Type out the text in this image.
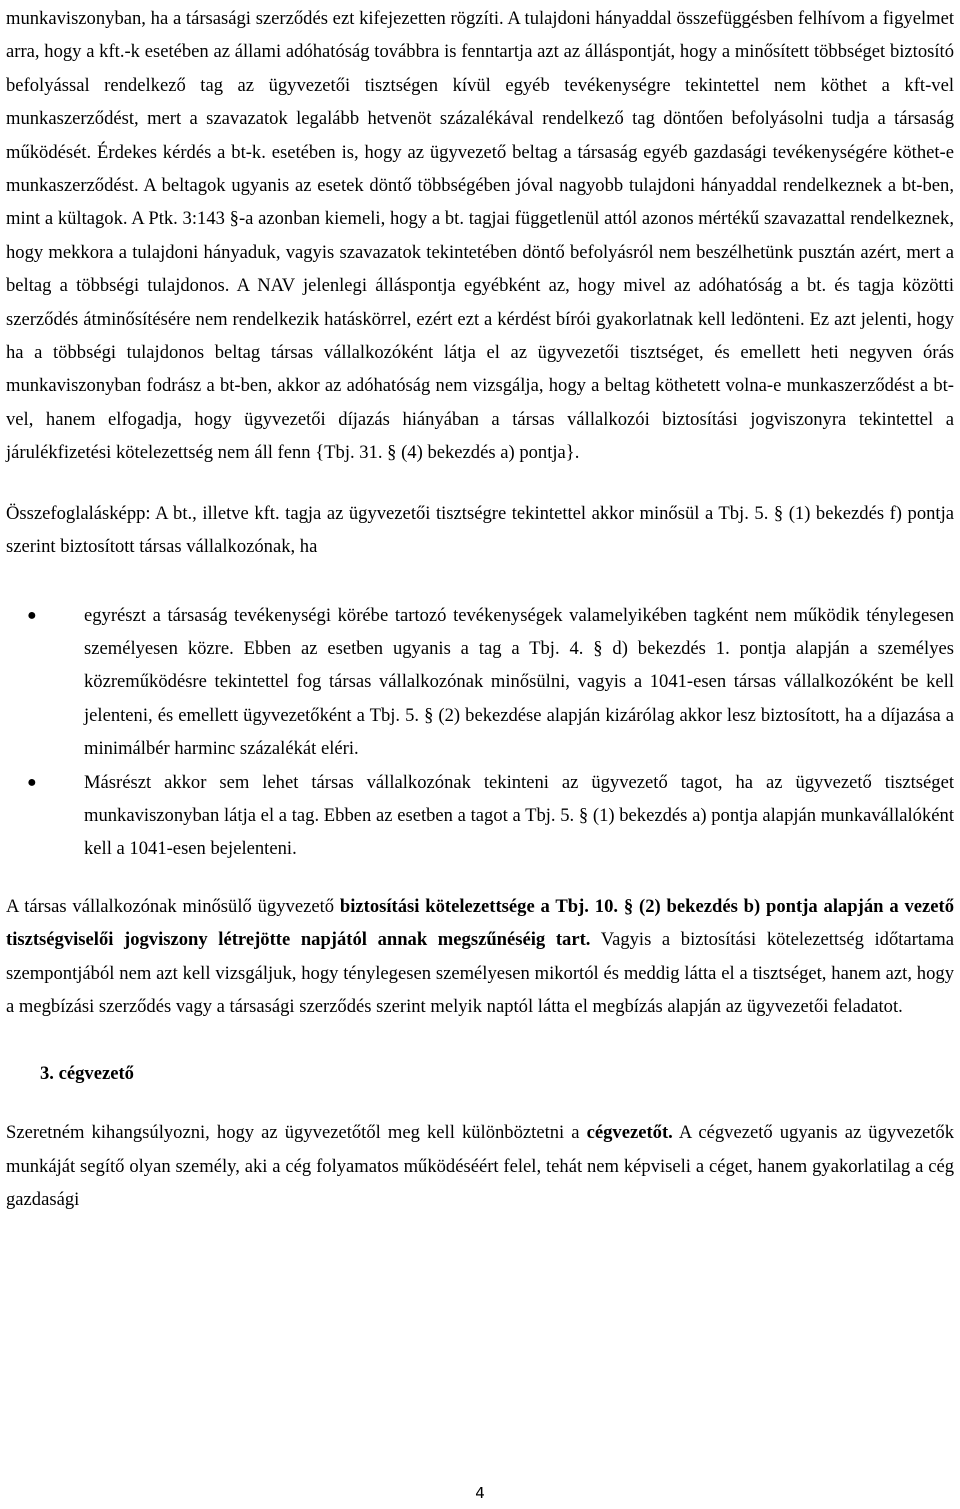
munkaviszonyban, ha a társasági szerződés ezt kifejezetten rögzíti. A tulajdoni hányaddal összefüggésben felhívom a figyelmet arra, hogy a kft.-k esetében az állami adóhatóság továbbra is fenntartja azt az álláspontját, hogy a minősített többséget biztosító befolyással rendelkező tag az ügyvezetői tisztségen kívül egyéb tevékenységre tekintettel nem köthet a kft-vel munkaszerződést, mert a szavazatok legalább hetvenöt százalékával rendelkező tag döntően befolyásolni tudja a társaság működését. Érdekes kérdés a bt-k. esetében is, hogy az ügyvezető beltag a társaság egyéb gazdasági tevékenységére köthet-e munkaszerződést. A beltagok ugyanis az esetek döntő többségében jóval nagyobb tulajdoni hányaddal rendelkeznek a bt-ben, mint a kültagok. A Ptk. 3:143 §-a azonban kiemeli, hogy a bt. tagjai függetlenül attól azonos mértékű szavazattal rendelkeznek, hogy mekkora a tulajdoni hányaduk, vagyis szavazatok tekintetében döntő befolyásról nem beszélhetünk pusztán azért, mert a beltag a többségi tulajdonos. A NAV jelenlegi álláspontja egyébként az, hogy mivel az adóhatóság a bt. és tagja közötti szerződés átminősítésére nem rendelkezik hatáskörrel, ezért ezt a kérdést bírói gyakorlatnak kell ledönteni. Ez azt jelenti, hogy ha a többségi tulajdonos beltag társas vállalkozóként látja el az ügyvezetői tisztséget, és emellett heti negyven órás munkaviszonyban fodrász a bt-ben, akkor az adóhatóság nem vizsgálja, hogy a beltag köthetett volna-e munkaszerződést a bt-vel, hanem elfogadja, hogy ügyvezetői díjazás hiányában a társas vállalkozói biztosítási jogviszonyra tekintettel a járulékfizetési kötelezettség nem áll fenn {Tbj. 31. § (4) bekezdés a) pontja}.

Összefoglalásképp: A bt., illetve kft. tagja az ügyvezetői tisztségre tekintettel akkor minősül a Tbj. 5. § (1) bekezdés f) pontja szerint biztosított társas vállalkozónak, ha

●	egyrészt a társaság tevékenységi körébe tartozó tevékenységek valamelyikében tagként nem működik ténylegesen személyesen közre. Ebben az esetben ugyanis a tag a Tbj. 4. § d) bekezdés 1. pontja alapján a személyes közreműködésre tekintettel fog társas vállalkozónak minősülni, vagyis a 1041-esen társas vállalkozóként be kell jelenteni, és emellett ügyvezetőként a Tbj. 5. § (2) bekezdése alapján kizárólag akkor lesz biztosított, ha a díjazása a minimálbér harminc százalékát eléri.
●	Másrészt akkor sem lehet társas vállalkozónak tekinteni az ügyvezető tagot, ha az ügyvezető tisztséget munkaviszonyban látja el a tag. Ebben az esetben a tagot a Tbj. 5. § (1) bekezdés a) pontja alapján munkavállalóként kell a 1041-esen bejelenteni.

A társas vállalkozónak minősülő ügyvezető biztosítási kötelezettsége a Tbj. 10. § (2) bekezdés b) pontja alapján a vezető tisztségviselői jogviszony létrejötte napjától annak megszűnéséig tart. Vagyis a biztosítási kötelezettség időtartama szempontjából nem azt kell vizsgáljuk, hogy ténylegesen személyesen mikortól és meddig látta el a tisztséget, hanem azt, hogy a megbízási szerződés vagy a társasági szerződés szerint melyik naptól látta el megbízás alapján az ügyvezetői feladatot.

3. cégvezető

Szeretném kihangsúlyozni, hogy az ügyvezetőtől meg kell különböztetni a cégvezetőt. A cégvezető ugyanis az ügyvezetők munkáját segítő olyan személy, aki a cég folyamatos működéséért felel, tehát nem képviseli a céget, hanem gyakorlatilag a cég gazdasági

4
